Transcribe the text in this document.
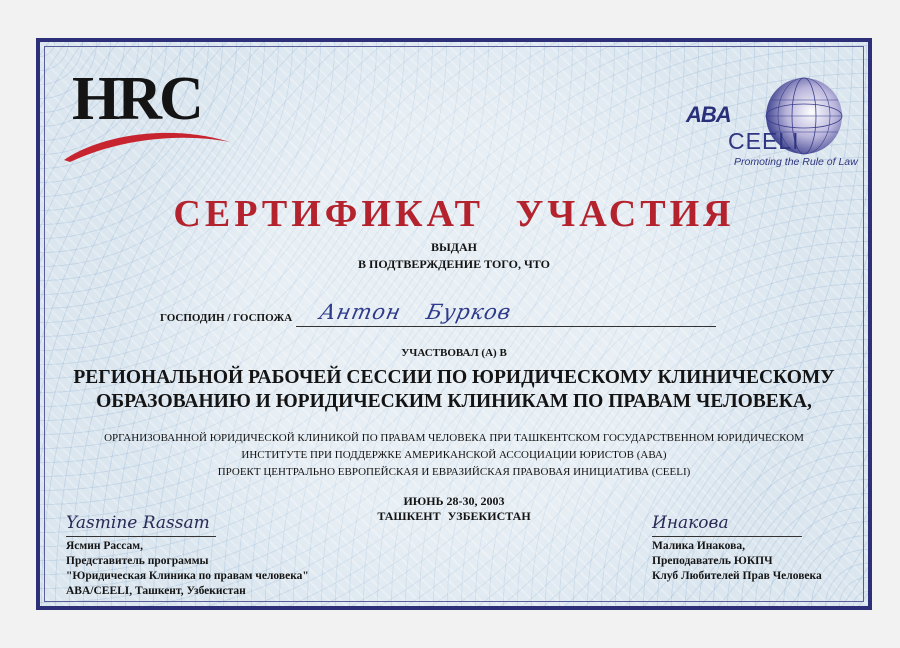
HRC	ABA
CEELI
Promoting the Rule of Law
СЕРТИФИКАТ УЧАСТИЯ
ВЫДАН
В ПОДТВЕРЖДЕНИЕ ТОГО, ЧТО
ГОСПОДИН / ГОСПОЖА Антон Бурков
УЧАСТВОВАЛ (А) В
РЕГИОНАЛЬНОЙ РАБОЧЕЙ СЕССИИ ПО ЮРИДИЧЕСКОМУ КЛИНИЧЕСКОМУ
ОБРАЗОВАНИЮ И ЮРИДИЧЕСКИМ КЛИНИКАМ ПО ПРАВАМ ЧЕЛОВЕКА,
ОРГАНИЗОВАННОЙ ЮРИДИЧЕСКОЙ КЛИНИКОЙ ПО ПРАВАМ ЧЕЛОВЕКА ПРИ ТАШКЕНТСКОМ ГОСУДАРСТВЕННОМ ЮРИДИЧЕСКОМ
ИНСТИТУТЕ ПРИ ПОДДЕРЖКЕ АМЕРИКАНСКОЙ АССОЦИАЦИИ ЮРИСТОВ (АВА)
ПРОЕКТ ЦЕНТРАЛЬНО ЕВРОПЕЙСКАЯ И ЕВРАЗИЙСКАЯ ПРАВОВАЯ ИНИЦИАТИВА (CEELI)
ИЮНЬ 28-30, 2003
ТАШКЕНТ УЗБЕКИСТАН
Yasmine Rassam
Ясмин Рассам,
Представитель программы
"Юридическая Клиника по правам человека"
ABA/CEELI, Ташкент, Узбекистан
Инакова
Малика Инакова,
Преподаватель ЮКПЧ
Клуб Любителей Прав Человека
